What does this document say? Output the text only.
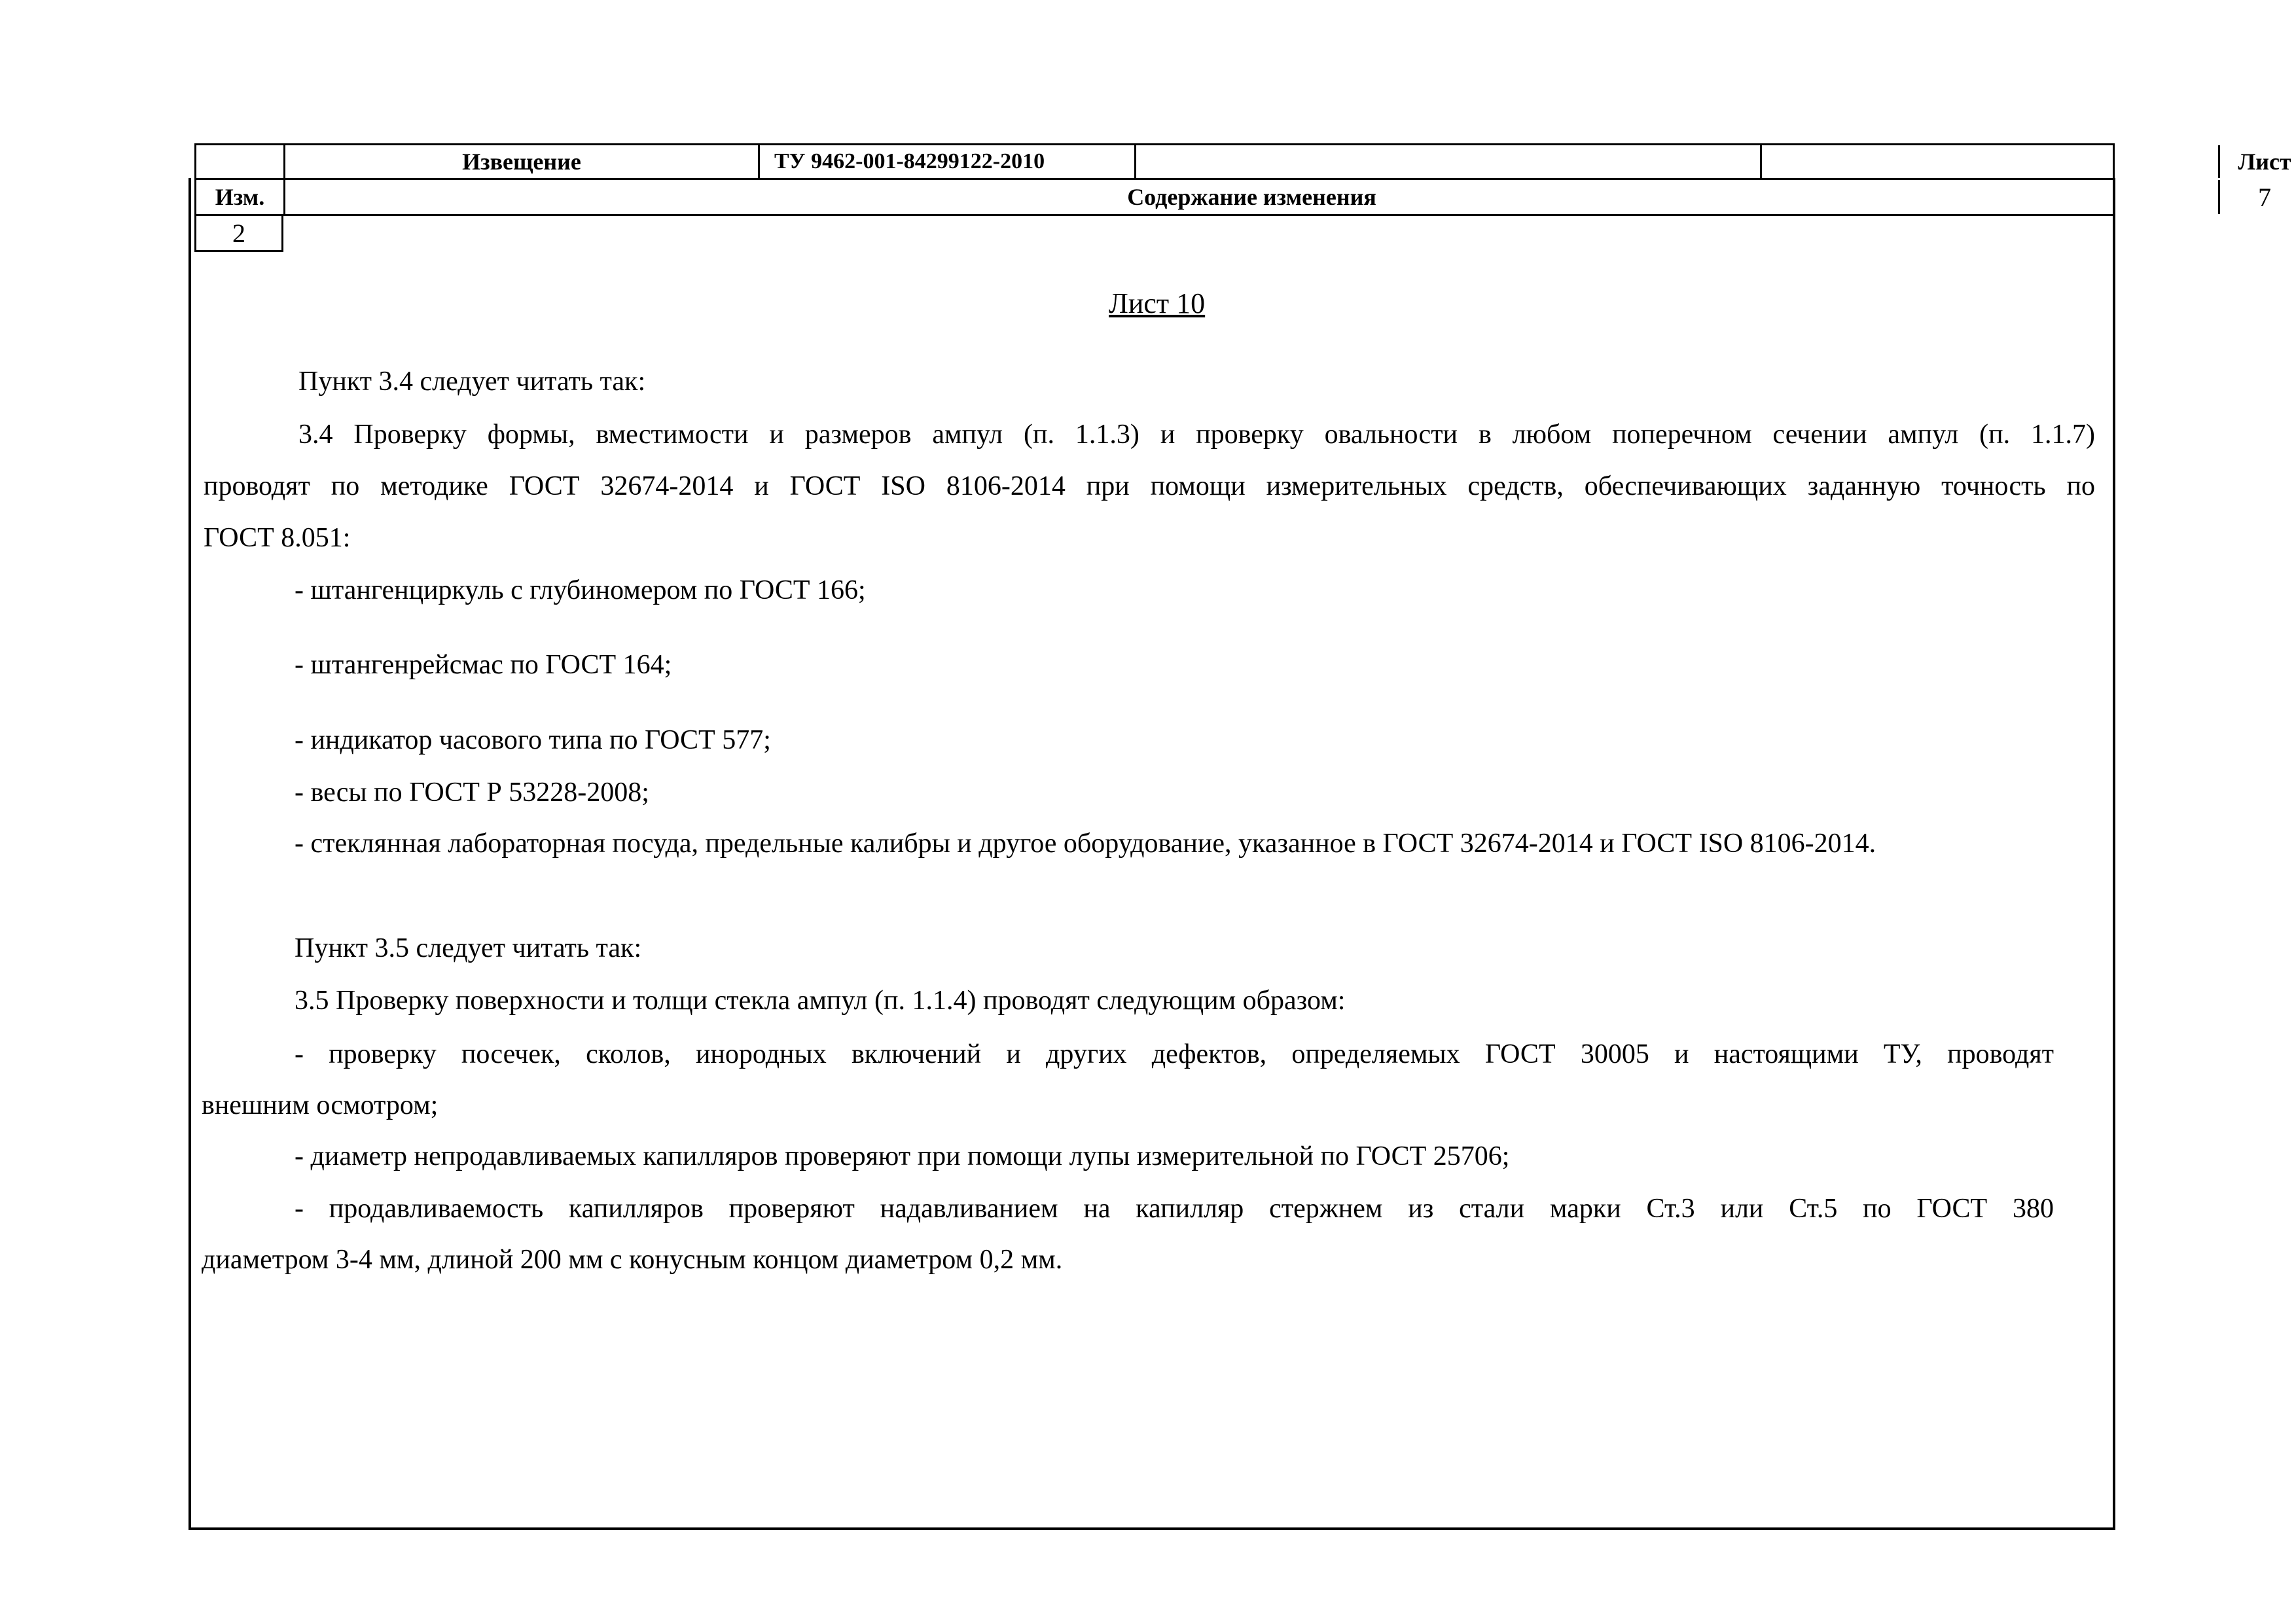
Извещение	ТУ 9462-001-84299122-2010	Лист
Изм.	Содержание изменения	7
2
Лист 10
Пункт 3.4 следует читать так:
3.4 Проверку формы, вместимости и размеров ампул (п. 1.1.3) и проверку овальности в любом поперечном сечении ампул (п. 1.1.7)
проводят по методике ГОСТ 32674-2014 и ГОСТ ISO 8106-2014 при помощи измерительных средств, обеспечивающих заданную точность по
ГОСТ 8.051:
- штангенциркуль с глубиномером по ГОСТ 166;
- штангенрейсмас по ГОСТ 164;
- индикатор часового типа по ГОСТ 577;
- весы по ГОСТ Р 53228-2008;
- стеклянная лабораторная посуда, предельные калибры и другое оборудование, указанное в ГОСТ 32674-2014 и ГОСТ ISO 8106-2014.
Пункт 3.5 следует читать так:
3.5 Проверку поверхности и толщи стекла ампул (п. 1.1.4) проводят следующим образом:
- проверку посечек, сколов, инородных включений и других дефектов, определяемых ГОСТ 30005 и настоящими ТУ, проводят
внешним осмотром;
- диаметр непродавливаемых капилляров проверяют при помощи лупы измерительной по ГОСТ 25706;
- продавливаемость капилляров проверяют надавливанием на капилляр стержнем из стали марки Ст.3 или Ст.5 по ГОСТ 380
диаметром 3-4 мм, длиной 200 мм с конусным концом диаметром 0,2 мм.
